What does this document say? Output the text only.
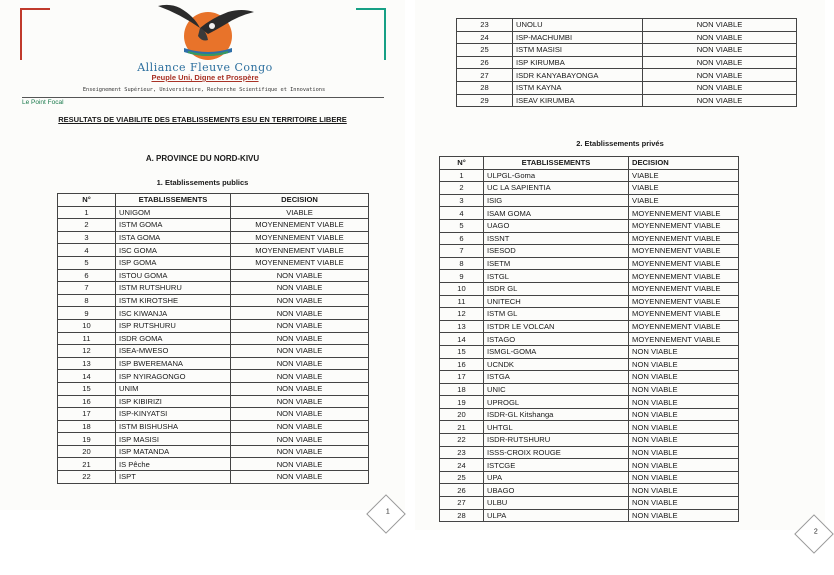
Alliance Fleuve Congo
Peuple Uni, Digne et Prospère
Enseignement Supérieur, Universitaire, Recherche Scientifique et Innovations
Le Point Focal
RESULTATS DE VIABILITE DES ETABLISSEMENTS ESU EN TERRITOIRE LIBERE
A. PROVINCE DU NORD-KIVU
1. Etablissements publics
N°	ETABLISSEMENTS	DECISION
1	UNIGOM	VIABLE
2	ISTM GOMA	MOYENNEMENT VIABLE
3	ISTA GOMA	MOYENNEMENT VIABLE
4	ISC GOMA	MOYENNEMENT VIABLE
5	ISP GOMA	MOYENNEMENT VIABLE
6	ISTOU GOMA	NON VIABLE
7	ISTM RUTSHURU	NON VIABLE
8	ISTM KIROTSHE	NON VIABLE
9	ISC KIWANJA	NON VIABLE
10	ISP RUTSHURU	NON VIABLE
11	ISDR GOMA	NON VIABLE
12	ISEA-MWESO	NON VIABLE
13	ISP BWEREMANA	NON VIABLE
14	ISP NYIRAGONGO	NON VIABLE
15	UNIM	NON VIABLE
16	ISP KIBIRIZI	NON VIABLE
17	ISP-KINYATSI	NON VIABLE
18	ISTM BISHUSHA	NON VIABLE
19	ISP MASISI	NON VIABLE
20	ISP MATANDA	NON VIABLE
21	IS Pêche	NON VIABLE
22	ISPT	NON VIABLE
1
23	UNOLU	NON VIABLE
24	ISP-MACHUMBI	NON VIABLE
25	ISTM MASISI	NON VIABLE
26	ISP KIRUMBA	NON VIABLE
27	ISDR KANYABAYONGA	NON VIABLE
28	ISTM KAYNA	NON VIABLE
29	ISEAV KIRUMBA	NON VIABLE
2. Etablissements privés
N°	ETABLISSEMENTS	DECISION
1	ULPGL-Goma	VIABLE
2	UC LA SAPIENTIA	VIABLE
3	ISIG	VIABLE
4	ISAM GOMA	MOYENNEMENT VIABLE
5	UAGO	MOYENNEMENT VIABLE
6	ISSNT	MOYENNEMENT VIABLE
7	ISESOD	MOYENNEMENT VIABLE
8	ISETM	MOYENNEMENT VIABLE
9	ISTGL	MOYENNEMENT VIABLE
10	ISDR GL	MOYENNEMENT VIABLE
11	UNITECH	MOYENNEMENT VIABLE
12	ISTM GL	MOYENNEMENT VIABLE
13	ISTDR LE VOLCAN	MOYENNEMENT VIABLE
14	ISTAGO	MOYENNEMENT VIABLE
15	ISMGL-GOMA	NON VIABLE
16	UCNDK	NON VIABLE
17	ISTGA	NON VIABLE
18	UNIC	NON VIABLE
19	UPROGL	NON VIABLE
20	ISDR-GL Kitshanga	NON VIABLE
21	UHTGL	NON VIABLE
22	ISDR-RUTSHURU	NON VIABLE
23	ISSS-CROIX ROUGE	NON VIABLE
24	ISTCGE	NON VIABLE
25	UPA	NON VIABLE
26	UBAGO	NON VIABLE
27	ULBU	NON VIABLE
28	ULPA	NON VIABLE
2
